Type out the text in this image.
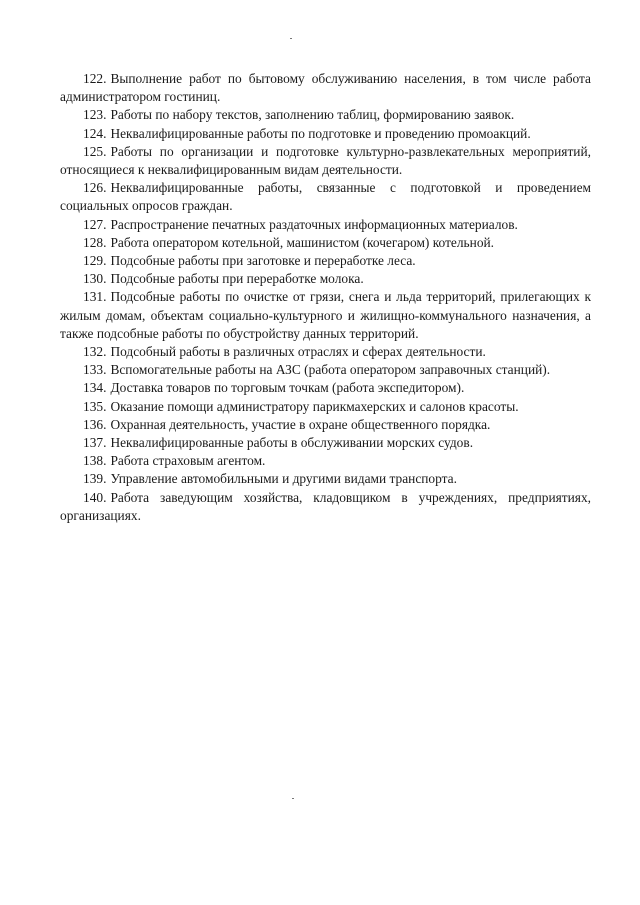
122. Выполнение работ по бытовому обслуживанию населения, в том числе работа администратором гостиниц.

123. Работы по набору текстов, заполнению таблиц, формированию заявок.

124. Неквалифицированные работы по подготовке и проведению промоакций.

125. Работы по организации и подготовке культурно-развлекательных мероприятий, относящиеся к неквалифицированным видам деятельности.

126. Неквалифицированные работы, связанные с подготовкой и проведением социальных опросов граждан.

127. Распространение печатных раздаточных информационных материалов.

128. Работа оператором котельной, машинистом (кочегаром) котельной.

129. Подсобные работы при заготовке и переработке леса.

130. Подсобные работы при переработке молока.

131. Подсобные работы по очистке от грязи, снега и льда территорий, прилегающих к жилым домам, объектам социально-культурного и жилищно-коммунального назначения, а также подсобные работы по обустройству данных территорий.

132. Подсобный работы в различных отраслях и сферах деятельности.

133. Вспомогательные работы на АЗС (работа оператором заправочных станций).

134. Доставка товаров по торговым точкам (работа экспедитором).

135. Оказание помощи администратору парикмахерских и салонов красоты.

136. Охранная деятельность, участие в охране общественного порядка.

137. Неквалифицированные работы в обслуживании морских судов.

138. Работа страховым агентом.

139. Управление автомобильными и другими видами транспорта.

140. Работа заведующим хозяйства, кладовщиком в учреждениях, предприятиях, организациях.
